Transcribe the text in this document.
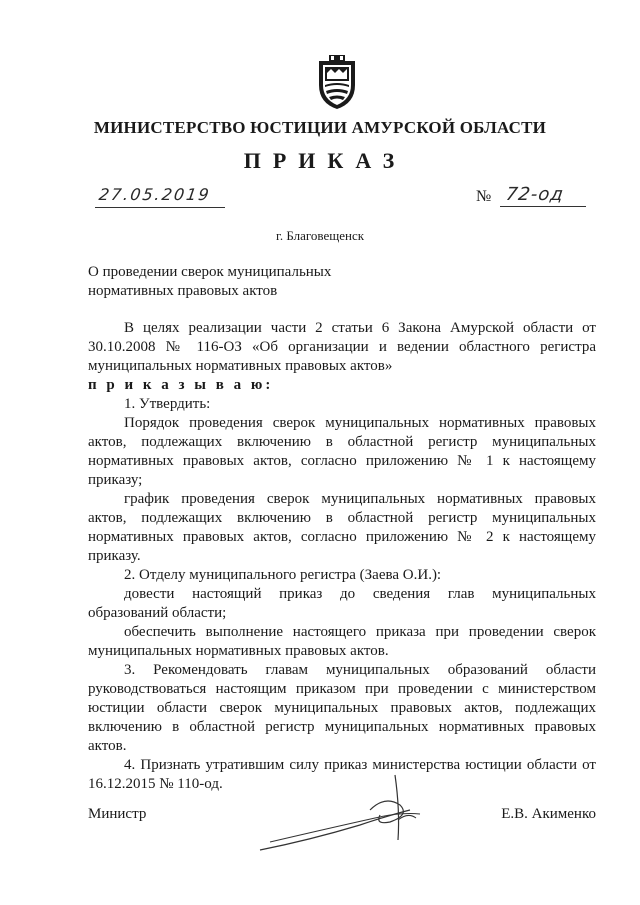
МИНИСТЕРСТВО ЮСТИЦИИ АМУРСКОЙ ОБЛАСТИ
ПРИКАЗ
27.05.2019	№ 72-од
г. Благовещенск
О проведении сверок муниципальных
нормативных правовых актов

В целях реализации части 2 статьи 6 Закона Амурской области от 30.10.2008 № 116-ОЗ «Об организации и ведении областного регистра муниципальных нормативных правовых актов»

п р и к а з ы в а ю:

1. Утвердить:

Порядок проведения сверок муниципальных нормативных правовых актов, подлежащих включению в областной регистр муниципальных нормативных правовых актов, согласно приложению № 1 к настоящему приказу;

график проведения сверок муниципальных нормативных правовых актов, подлежащих включению в областной регистр муниципальных нормативных правовых актов, согласно приложению № 2 к настоящему приказу.

2. Отделу муниципального регистра (Заева О.И.):

довести настоящий приказ до сведения глав муниципальных образований области;

обеспечить выполнение настоящего приказа при проведении сверок муниципальных нормативных правовых актов.

3. Рекомендовать главам муниципальных образований области руководствоваться настоящим приказом при проведении с министерством юстиции области сверок муниципальных правовых актов, подлежащих включению в областной регистр муниципальных нормативных правовых актов.

4. Признать утратившим силу приказ министерства юстиции области от 16.12.2015 № 110-од.

Министр	Е.В. Акименко
